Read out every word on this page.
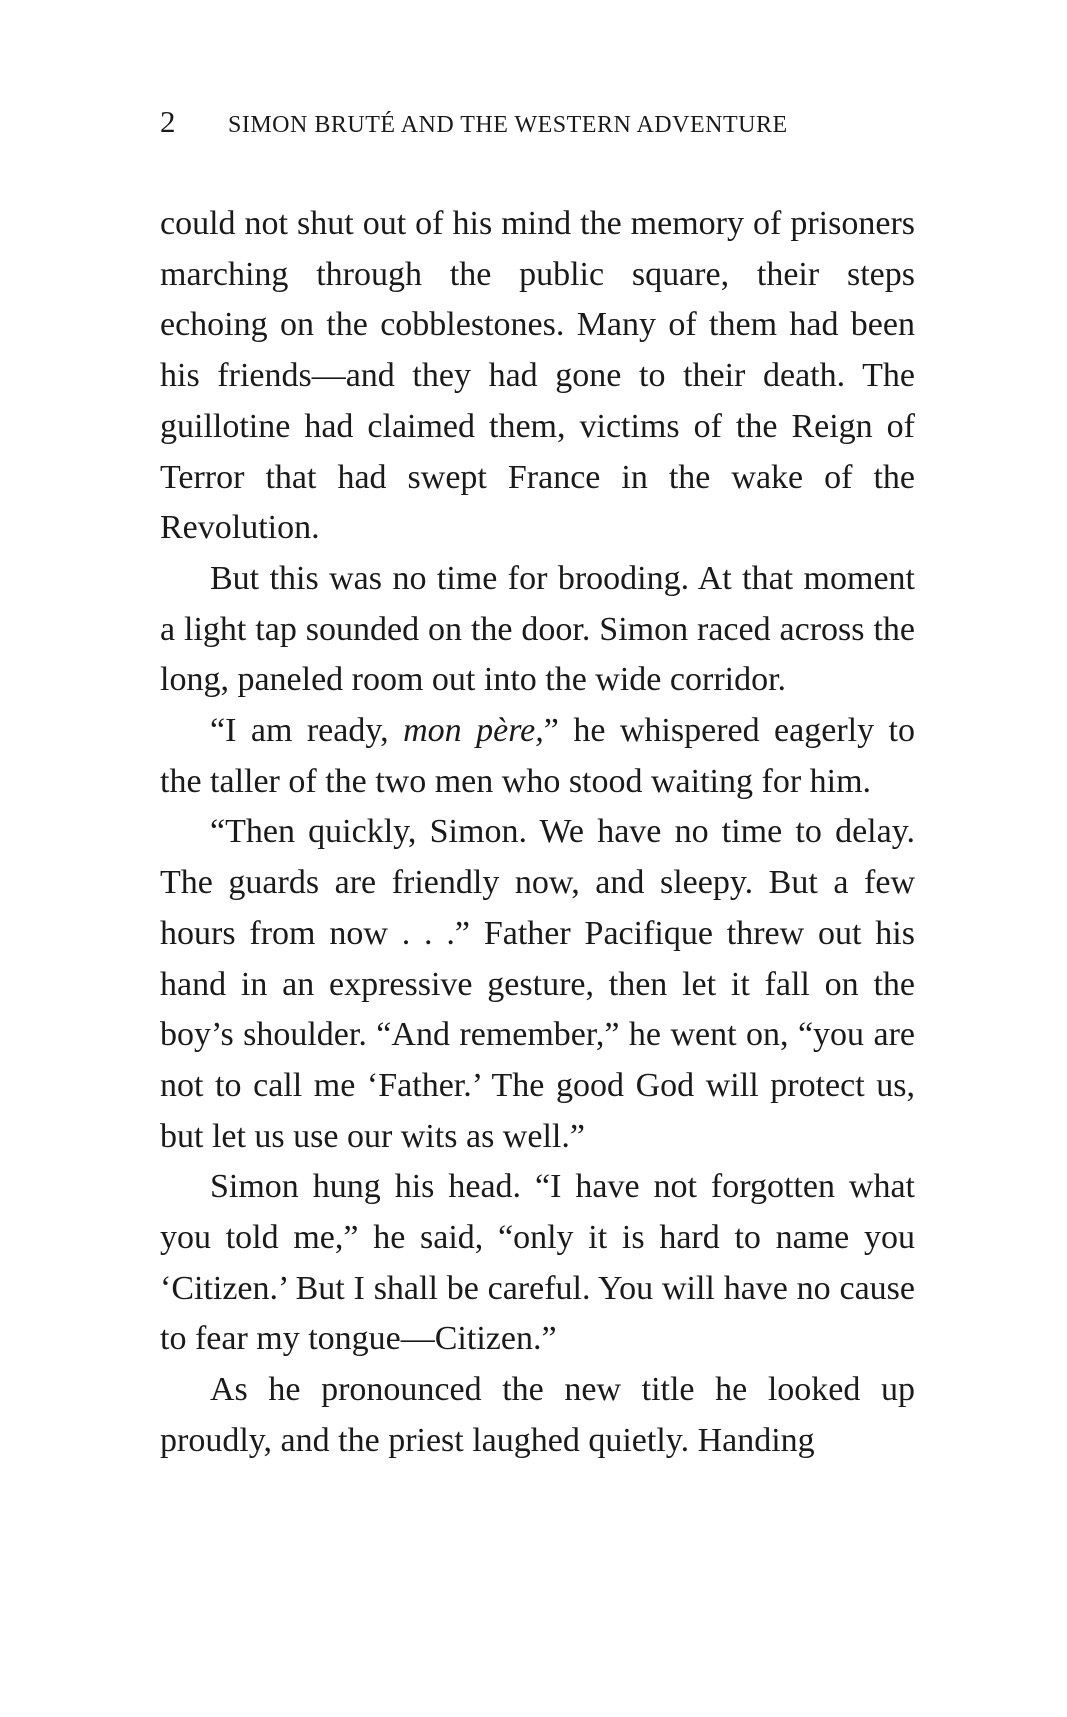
2	SIMON BRUTÉ AND THE WESTERN ADVENTURE

could not shut out of his mind the memory of prisoners marching through the public square, their steps echoing on the cobblestones. Many of them had been his friends—and they had gone to their death. The guillotine had claimed them, victims of the Reign of Terror that had swept France in the wake of the Revolution.

But this was no time for brooding. At that moment a light tap sounded on the door. Simon raced across the long, paneled room out into the wide corridor.

“I am ready, mon père,” he whispered eagerly to the taller of the two men who stood waiting for him.

“Then quickly, Simon. We have no time to delay. The guards are friendly now, and sleepy. But a few hours from now . . .” Father Pacifique threw out his hand in an expressive gesture, then let it fall on the boy’s shoulder. “And remember,” he went on, “you are not to call me ‘Father.’ The good God will protect us, but let us use our wits as well.”

Simon hung his head. “I have not forgotten what you told me,” he said, “only it is hard to name you ‘Citizen.’ But I shall be careful. You will have no cause to fear my tongue—Citizen.”

As he pronounced the new title he looked up proudly, and the priest laughed quietly. Handing
